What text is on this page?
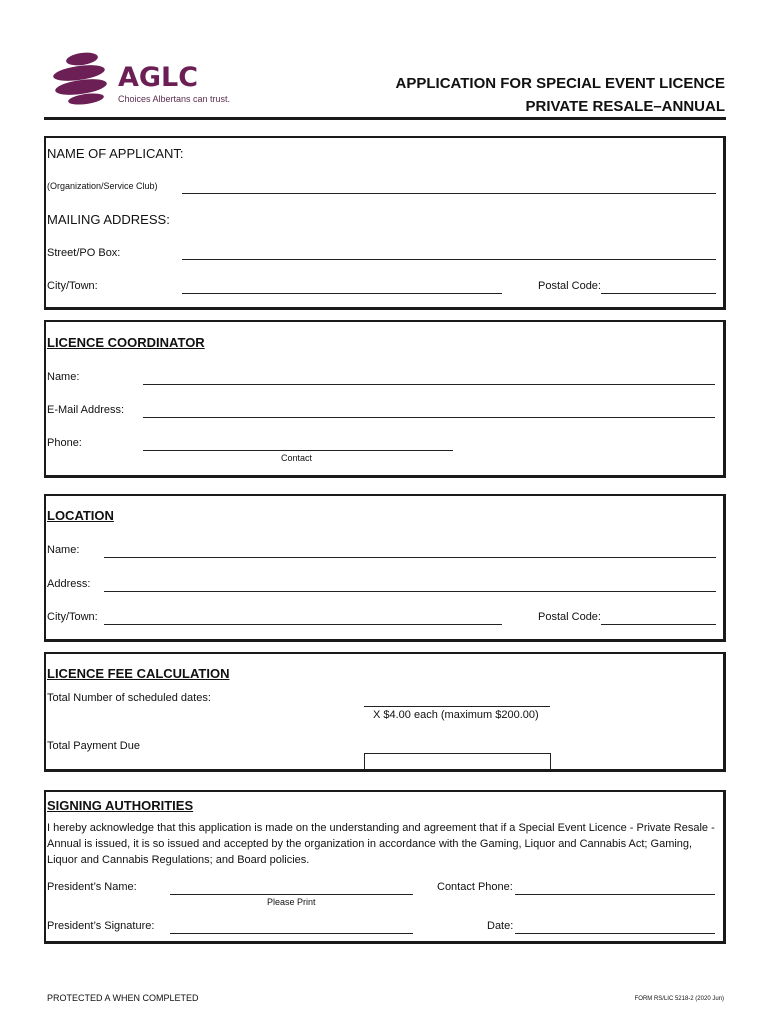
AGLC
Choices Albertans can trust.
APPLICATION FOR SPECIAL EVENT LICENCE
PRIVATE RESALE–ANNUAL
NAME OF APPLICANT:
(Organization/Service Club)
MAILING ADDRESS:
Street/PO Box:
City/Town:	Postal Code:
LICENCE COORDINATOR
Name:
E-Mail Address:
Phone:
Contact
LOCATION
Name:
Address:
City/Town:	Postal Code:
LICENCE FEE CALCULATION
Total Number of scheduled dates:
X $4.00 each (maximum $200.00)
Total Payment Due
SIGNING AUTHORITIES
I hereby acknowledge that this application is made on the understanding and agreement that if a Special Event Licence - Private Resale - Annual is issued, it is so issued and accepted by the organization in accordance with the Gaming, Liquor and Cannabis Act; Gaming, Liquor and Cannabis Regulations; and Board policies.
President’s Name:
Please Print
Contact Phone:
President’s Signature:	Date:
PROTECTED A WHEN COMPLETED	FORM RS/LIC 5218-2 (2020 Jun)
